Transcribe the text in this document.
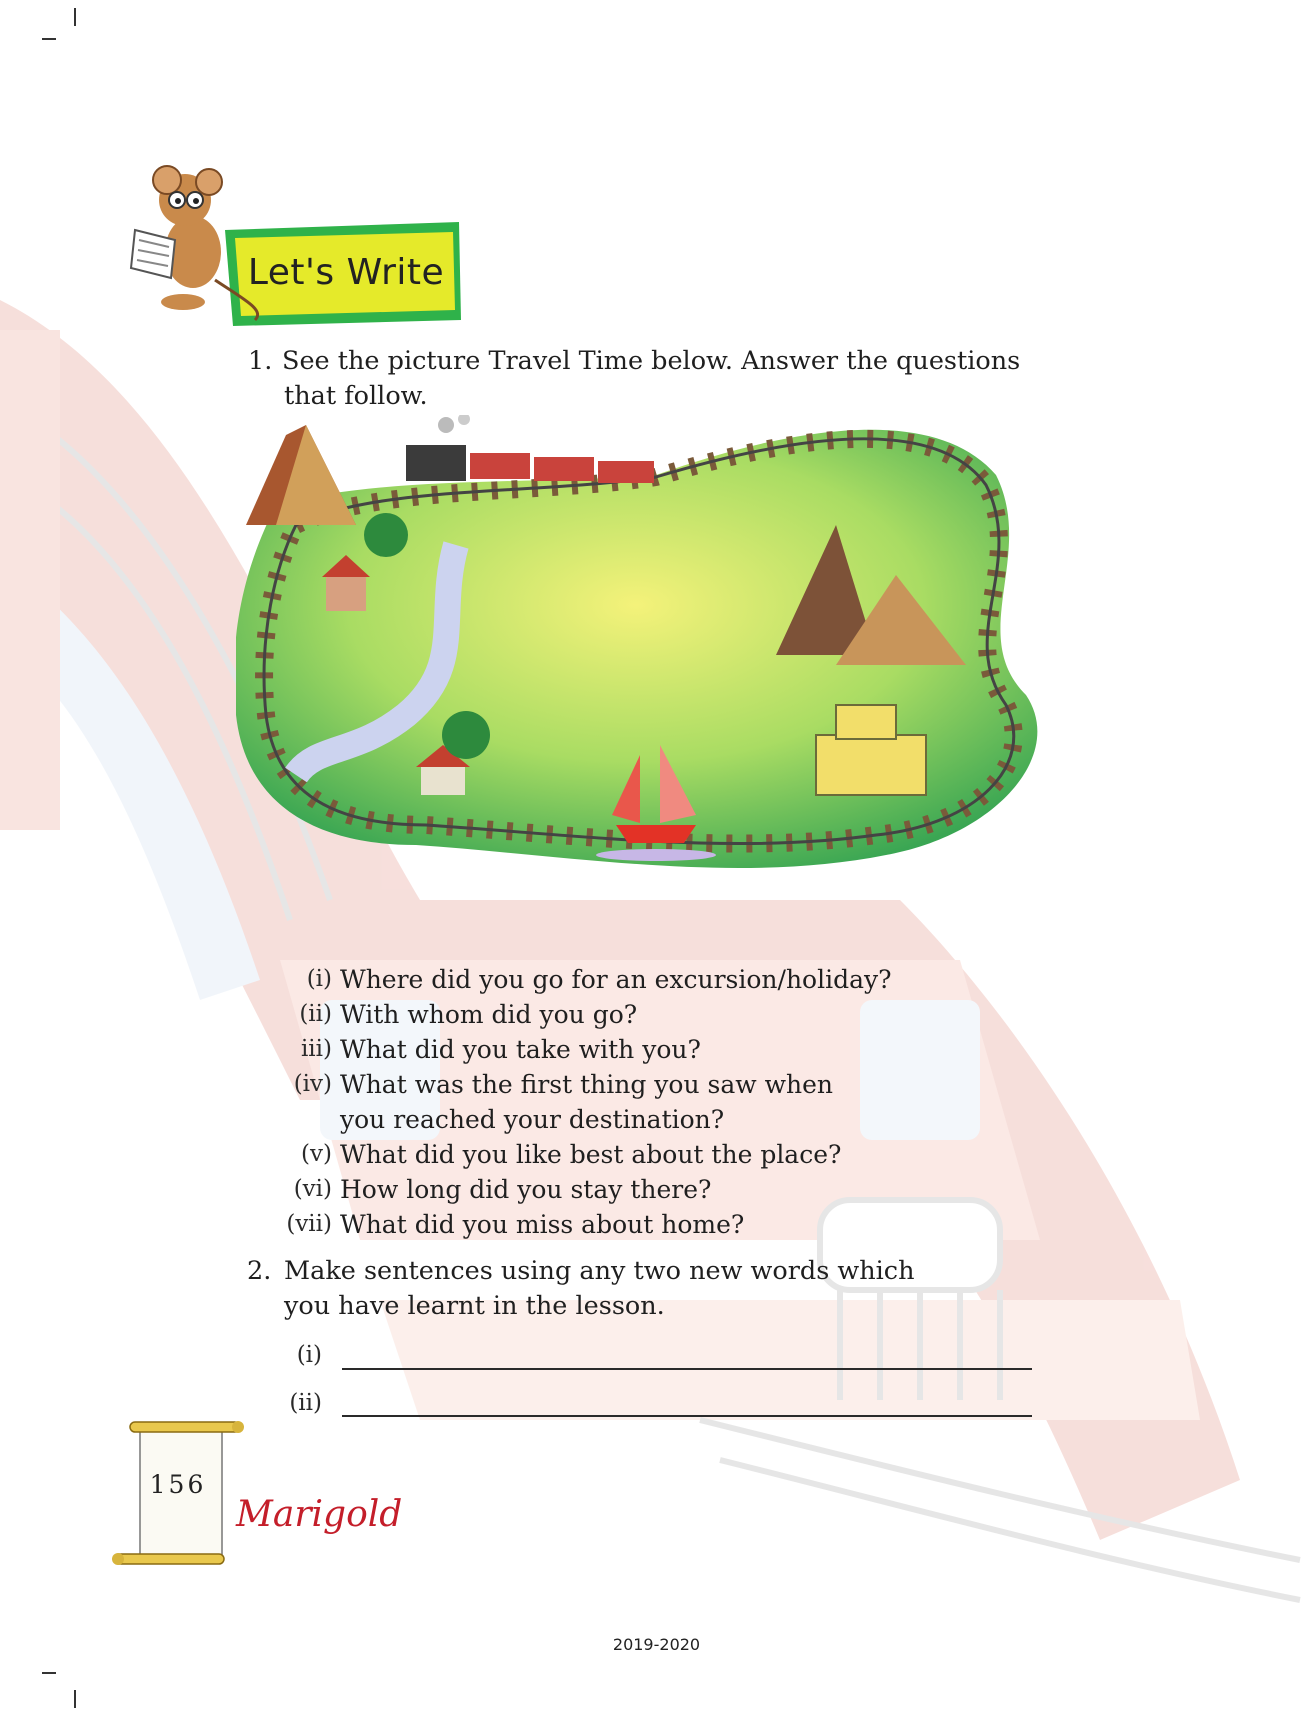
Let's Write
1. See the picture Travel Time below. Answer the questions
that follow.
(i) Where did you go for an excursion/holiday?
(ii) With whom did you go?
iii) What did you take with you?
(iv) What was the first thing you saw when
you reached your destination?
(v) What did you like best about the place?
(vi) How long did you stay there?
(vii) What did you miss about home?
2. Make sentences using any two new words which
you have learnt in the lesson.
(i)
(ii)
156
Marigold
2019-2020
